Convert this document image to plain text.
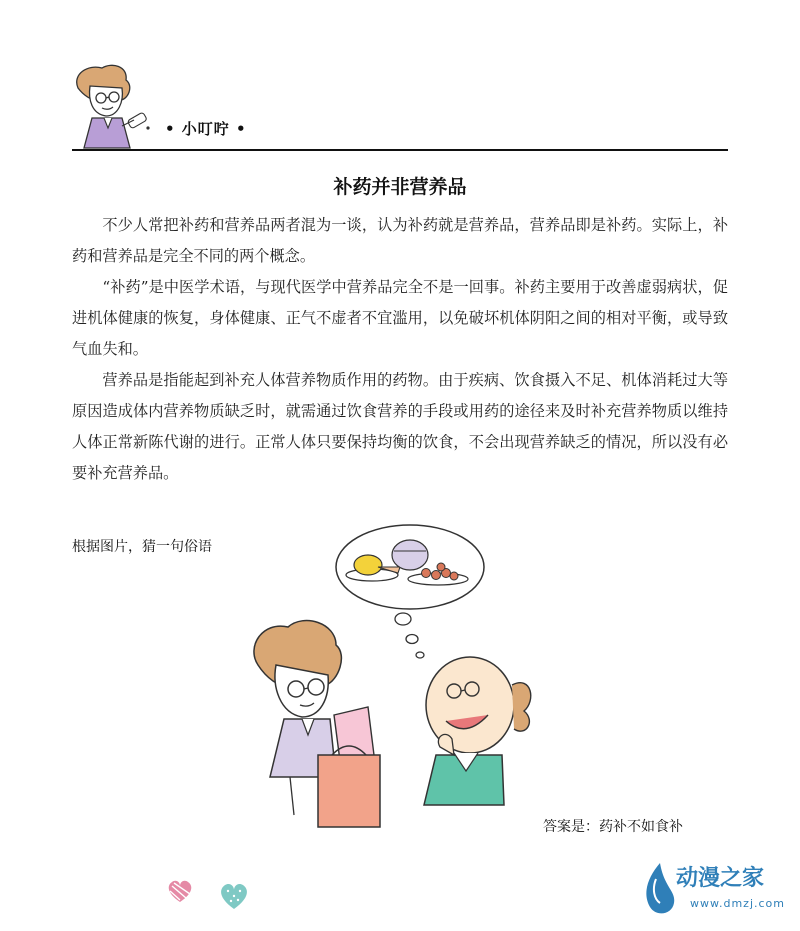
• 小叮咛 •
补药并非营养品

不少人常把补药和营养品两者混为一谈，认为补药就是营养品，营养品即是补药。实际上，补药和营养品是完全不同的两个概念。

“补药”是中医学术语，与现代医学中营养品完全不是一回事。补药主要用于改善虚弱病状，促进机体健康的恢复，身体健康、正气不虚者不宜滥用，以免破坏机体阴阳之间的相对平衡，或导致气血失和。

营养品是指能起到补充人体营养物质作用的药物。由于疾病、饮食摄入不足、机体消耗过大等原因造成体内营养物质缺乏时，就需通过饮食营养的手段或用药的途径来及时补充营养物质以维持人体正常新陈代谢的进行。正常人体只要保持均衡的饮食，不会出现营养缺乏的情况，所以没有必要补充营养品。

根据图片，猜一句俗语
答案是：药补不如食补
动漫之家
www.dmzj.com
